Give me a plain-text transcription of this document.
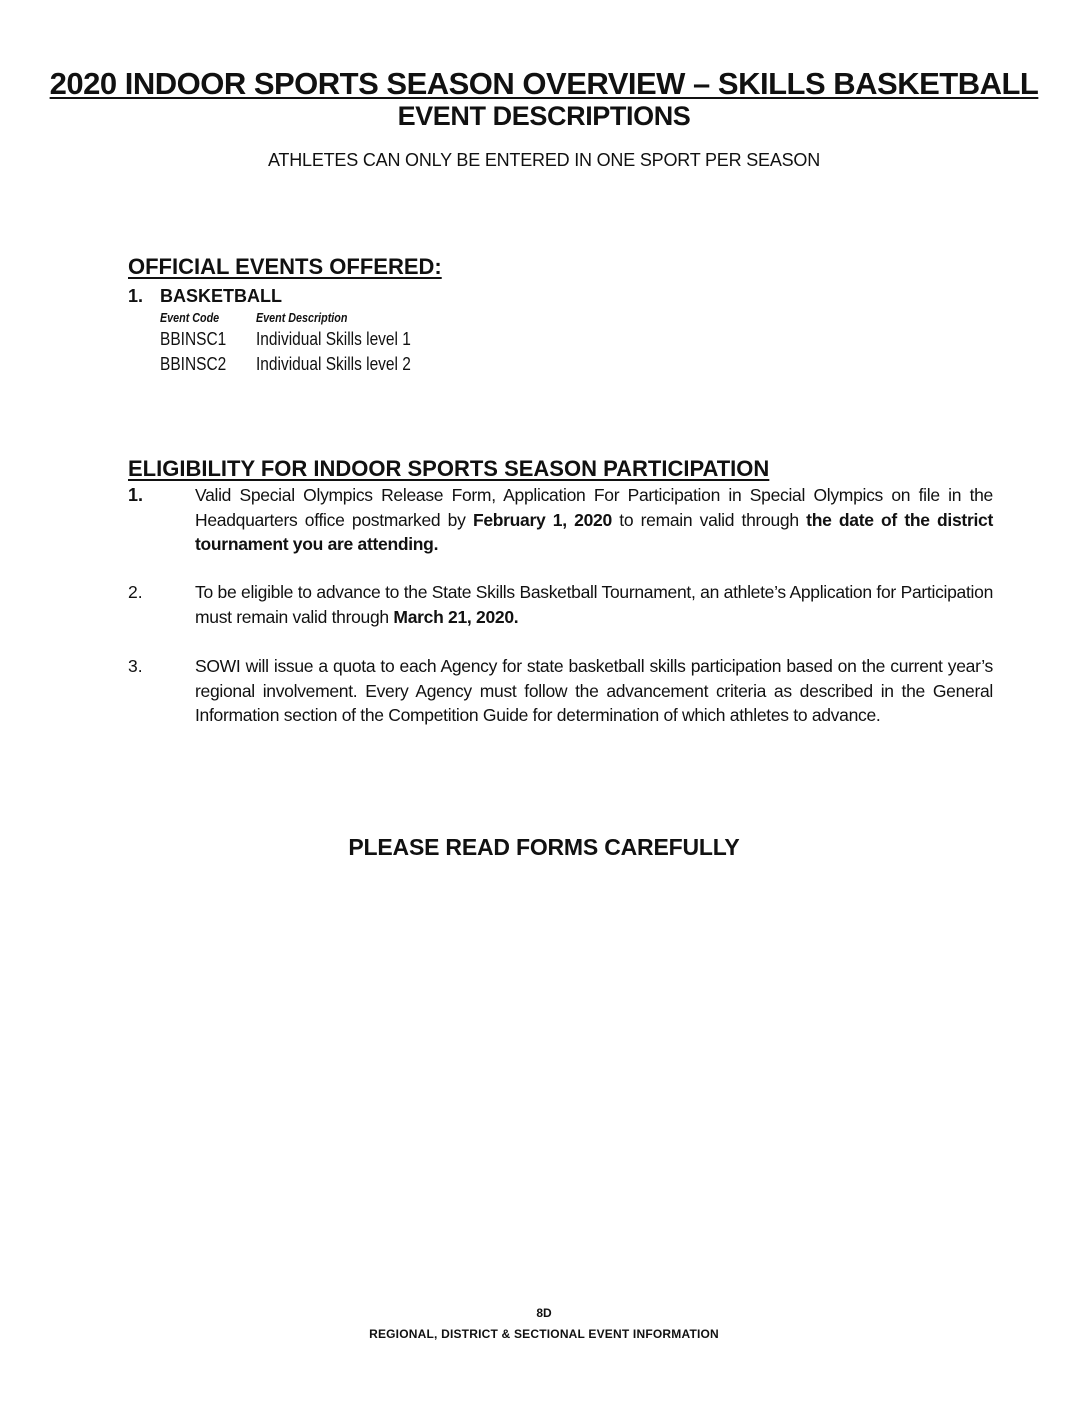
2020 INDOOR SPORTS SEASON OVERVIEW – SKILLS BASKETBALL
EVENT DESCRIPTIONS
ATHLETES CAN ONLY BE ENTERED IN ONE SPORT PER SEASON
OFFICIAL EVENTS OFFERED:
1. BASKETBALL
Event Code	Event Description
BBINSC1 Individual Skills level 1
BBINSC2 Individual Skills level 2
ELIGIBILITY FOR INDOOR SPORTS SEASON PARTICIPATION
1.	Valid Special Olympics Release Form, Application For Participation in Special Olympics on file in the Headquarters office postmarked by February 1, 2020 to remain valid through the date of the district tournament you are attending.
2.	To be eligible to advance to the State Skills Basketball Tournament, an athlete’s Application for Participation must remain valid through March 21, 2020.
3.	SOWI will issue a quota to each Agency for state basketball skills participation based on the current year’s regional involvement. Every Agency must follow the advancement criteria as described in the General Information section of the Competition Guide for determination of which athletes to advance.
PLEASE READ FORMS CAREFULLY
8D
REGIONAL, DISTRICT & SECTIONAL EVENT INFORMATION
